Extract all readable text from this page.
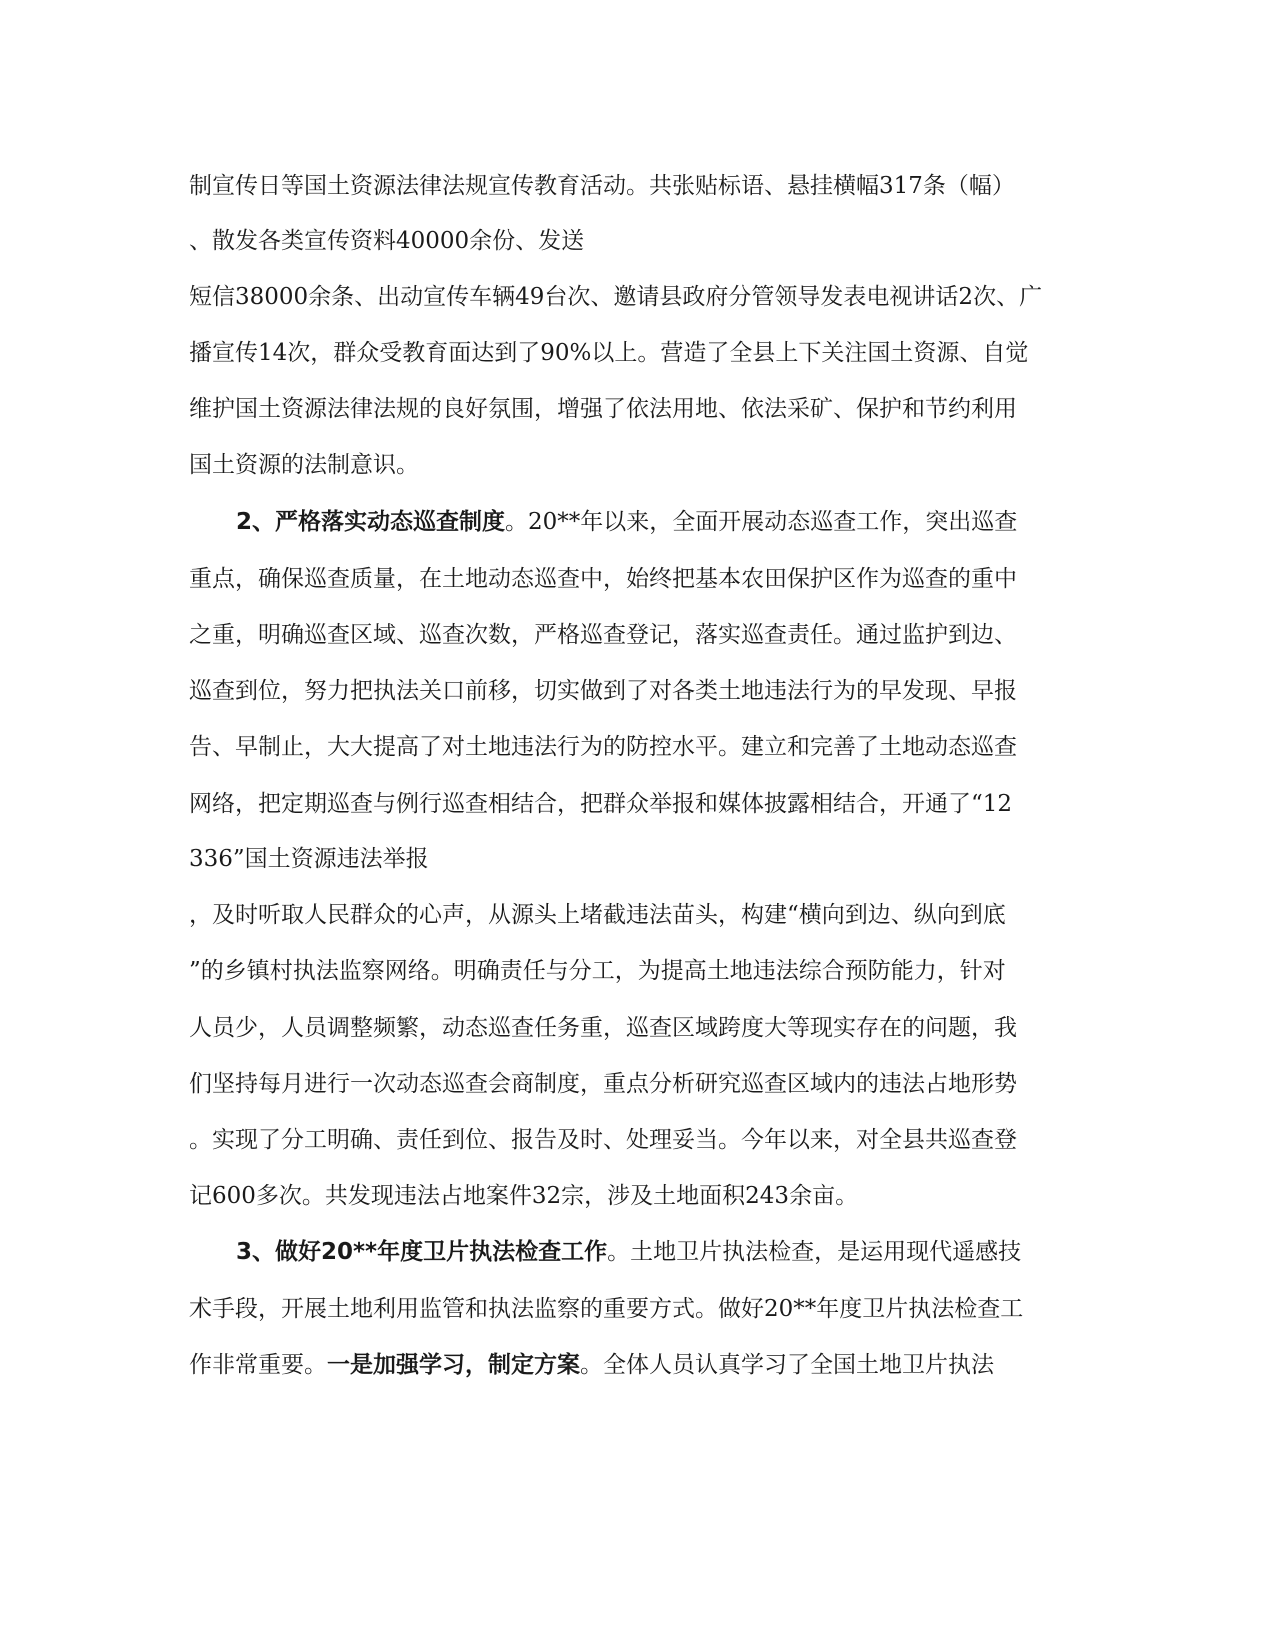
制宣传日等国土资源法律法规宣传教育活动。共张贴标语、悬挂横幅317条（幅）
、散发各类宣传资料40000余份、发送
短信38000余条、出动宣传车辆49台次、邀请县政府分管领导发表电视讲话2次、广
播宣传14次，群众受教育面达到了90%以上。营造了全县上下关注国土资源、自觉
维护国土资源法律法规的良好氛围，增强了依法用地、依法采矿、保护和节约利用
国土资源的法制意识。
2、严格落实动态巡查制度。20**年以来，全面开展动态巡查工作，突出巡查
重点，确保巡查质量，在土地动态巡查中，始终把基本农田保护区作为巡查的重中
之重，明确巡查区域、巡查次数，严格巡查登记，落实巡查责任。通过监护到边、
巡查到位，努力把执法关口前移，切实做到了对各类土地违法行为的早发现、早报
告、早制止，大大提高了对土地违法行为的防控水平。建立和完善了土地动态巡查
网络，把定期巡查与例行巡查相结合，把群众举报和媒体披露相结合，开通了“12
336”国土资源违法举报
，及时听取人民群众的心声，从源头上堵截违法苗头，构建“横向到边、纵向到底
”的乡镇村执法监察网络。明确责任与分工，为提高土地违法综合预防能力，针对
人员少，人员调整频繁，动态巡查任务重，巡查区域跨度大等现实存在的问题，我
们坚持每月进行一次动态巡查会商制度，重点分析研究巡查区域内的违法占地形势
。实现了分工明确、责任到位、报告及时、处理妥当。今年以来，对全县共巡查登
记600多次。共发现违法占地案件32宗，涉及土地面积243余亩。
3、做好20**年度卫片执法检查工作。土地卫片执法检查，是运用现代遥感技
术手段，开展土地利用监管和执法监察的重要方式。做好20**年度卫片执法检查工
作非常重要。一是加强学习，制定方案。全体人员认真学习了全国土地卫片执法
